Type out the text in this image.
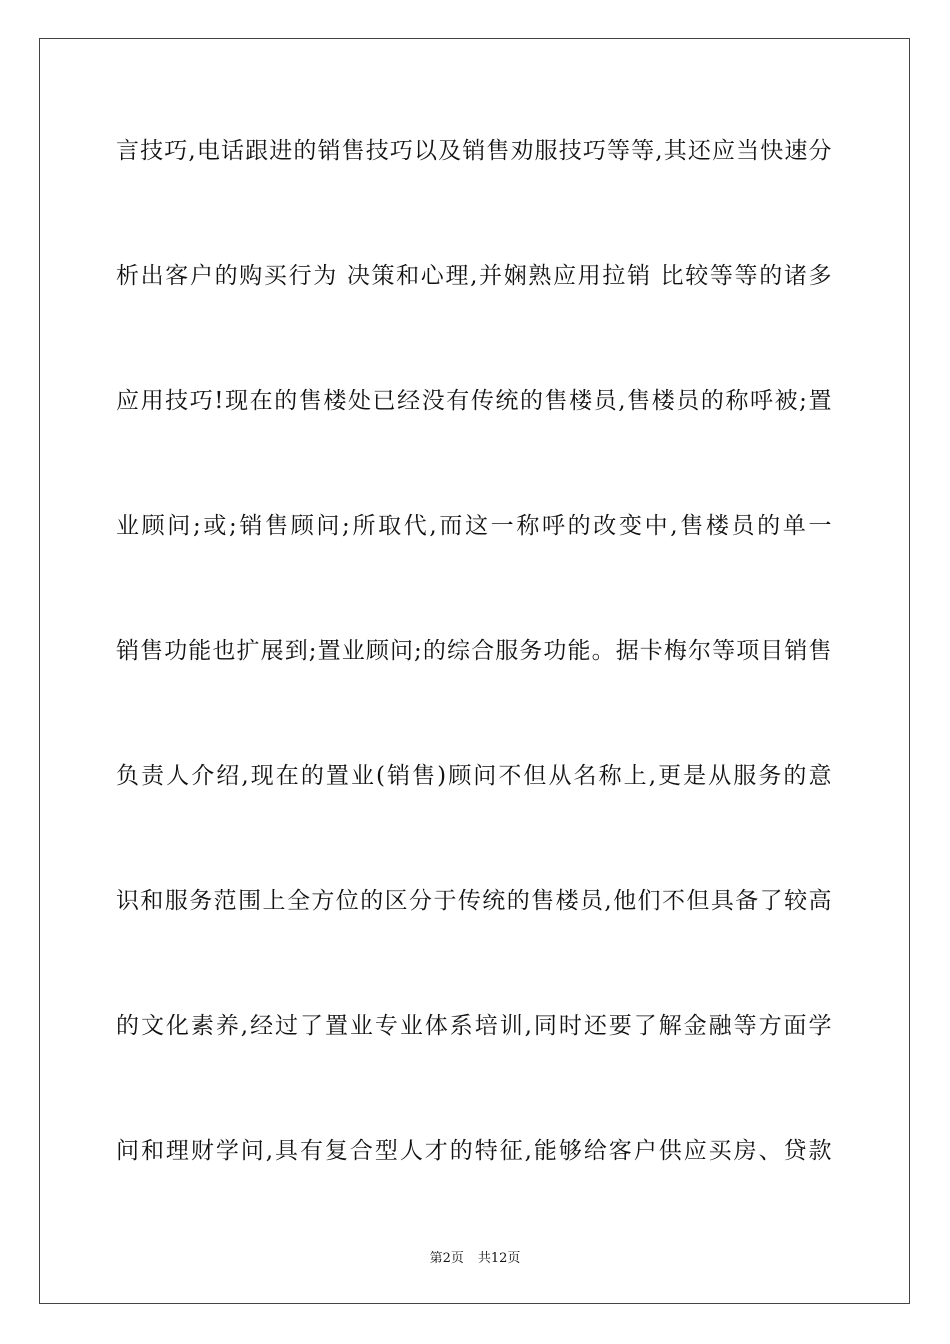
言技巧,电话跟进的销售技巧以及销售劝服技巧等等,其还应当快速分
析出客户的购买行为 决策和心理,并娴熟应用拉销 比较等等的诸多
应用技巧!现在的售楼处已经没有传统的售楼员,售楼员的称呼被;置
业顾问;或;销售顾问;所取代,而这一称呼的改变中,售楼员的单一
销售功能也扩展到;置业顾问;的综合服务功能。据卡梅尔等项目销售
负责人介绍,现在的置业(销售)顾问不但从名称上,更是从服务的意
识和服务范围上全方位的区分于传统的售楼员,他们不但具备了较高
的文化素养,经过了置业专业体系培训,同时还要了解金融等方面学
问和理财学问,具有复合型人才的特征,能够给客户供应买房、贷款
第2页 共12页
